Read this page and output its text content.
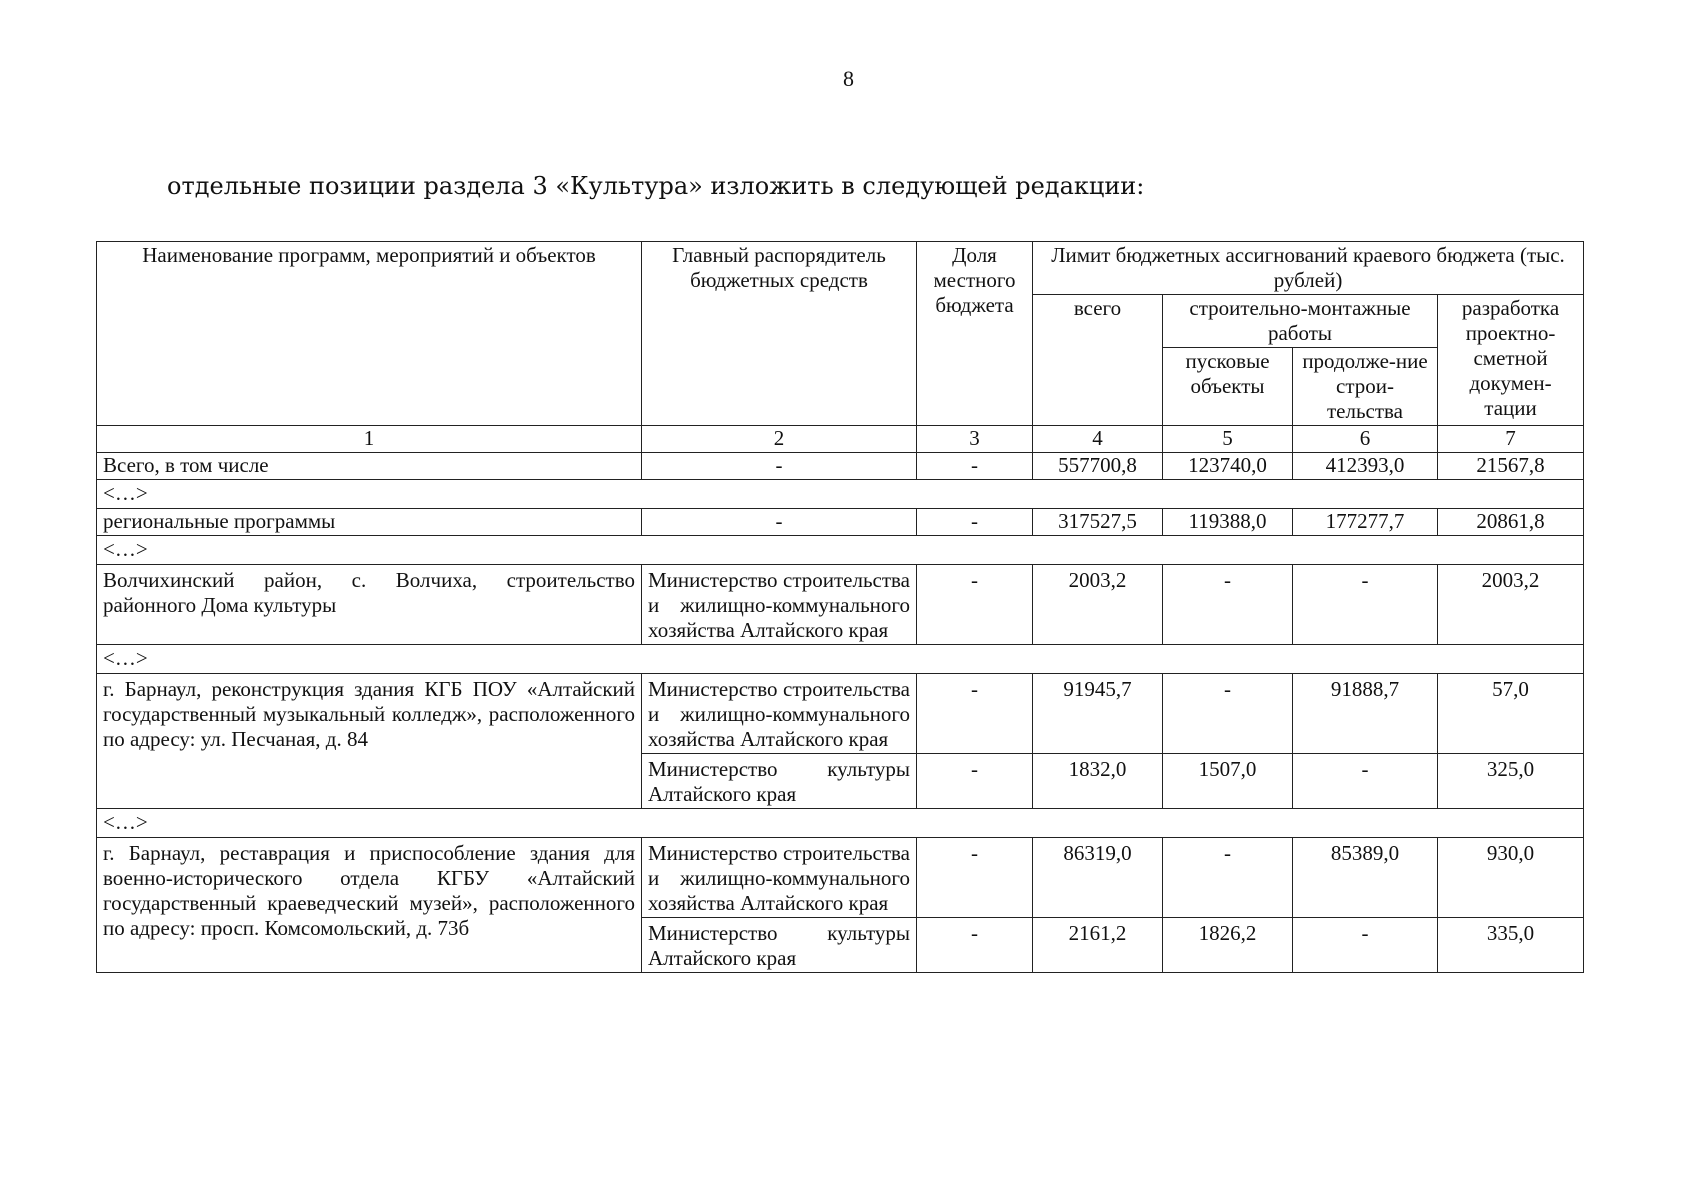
8
отдельные позиции раздела 3 «Культура» изложить в следующей редакции:
Наименование программ, мероприятий и объектов	Главный распорядитель бюджетных средств	Доля местного бюджета	Лимит бюджетных ассигнований краевого бюджета (тыс. рублей)			
			всего	строительно-монтажные работы		разработка проектно-сметной докумен-тации
				пусковые объекты	продолже-ние строи-тельства	
1	2	3	4	5	6	7
Всего, в том числе	-	-	557700,8	123740,0	412393,0	21567,8
<…>						
региональные программы	-	-	317527,5	119388,0	177277,7	20861,8
<…>						
Волчихинский район, с. Волчиха, строительство районного Дома культуры	Министерство строительства и жилищно-коммунального хозяйства Алтайского края	-	2003,2	-	-	2003,2
<…>						
г. Барнаул, реконструкция здания КГБ ПОУ «Алтайский государственный музыкальный колледж», расположенного по адресу: ул. Песчаная, д. 84	Министерство строительства и жилищно-коммунального хозяйства Алтайского края	-	91945,7	-	91888,7	57,0
	Министерство культуры Алтайского края	-	1832,0	1507,0	-	325,0
<…>						
г. Барнаул, реставрация и приспособление здания для военно-исторического отдела КГБУ «Алтайский государственный краеведческий музей», расположенного по адресу: просп. Комсомольский, д. 73б	Министерство строительства и жилищно-коммунального хозяйства Алтайского края	-	86319,0	-	85389,0	930,0
	Министерство культуры Алтайского края	-	2161,2	1826,2	-	335,0
